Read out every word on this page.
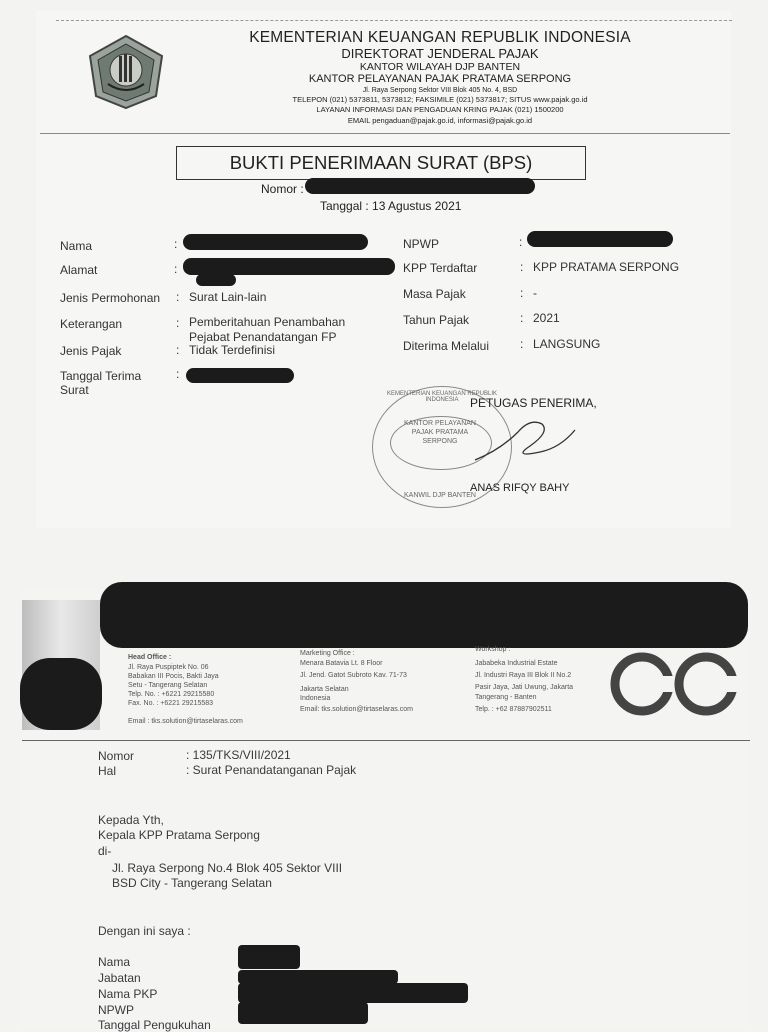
KEMENTERIAN KEUANGAN REPUBLIK INDONESIA
DIREKTORAT JENDERAL PAJAK
KANTOR WILAYAH DJP BANTEN
KANTOR PELAYANAN PAJAK PRATAMA SERPONG
Jl. Raya Serpong Sektor VIII Blok 405 No. 4, BSD
TELEPON (021) 5373811, 5373812; FAKSIMILE (021) 5373817; SITUS www.pajak.go.id
LAYANAN INFORMASI DAN PENGADUAN KRING PAJAK (021) 1500200
EMAIL pengaduan@pajak.go.id, informasi@pajak.go.id
BUKTI PENERIMAAN SURAT (BPS)
Nomor :
Tanggal : 13 Agustus 2021
Nama	:
Alamat	:
Jenis Permohonan : Surat Lain-lain
Keterangan	: Pemberitahuan Penambahan
Pejabat Penandatangan FP
Jenis Pajak	: Tidak Terdefinisi
Tanggal Terima
Surat
:
NPWP	:
KPP Terdaftar	: KPP PRATAMA SERPONG
Masa Pajak	: -
Tahun Pajak	: 2021
Diterima Melalui	: LANGSUNG
KEMENTERIAN KEUANGAN REPUBLIK INDONESIA
KANTOR PELAYANAN
PAJAK PRATAMA
SERPONG
KANWIL DJP BANTEN
PETUGAS PENERIMA,
ANAS RIFQY BAHY
Head Office :
Jl. Raya Puspiptek No. 06
Babakan III Pocis, Bakti Jaya
Setu - Tangerang Selatan
Telp. No. : +6221 29215580
Fax. No. : +6221 29215583
Email : tks.solution@tirtaselaras.com
Marketing Office :
Menara Batavia Lt. 8 Floor
Jl. Jend. Gatot Subroto Kav. 71-73
Jakarta Selatan
Indonesia
Email: tks.solution@tirtaselaras.com
Workshop :
Jababeka Industrial Estate
Jl. Industri Raya III Blok II No.2
Pasir Jaya, Jati Uwung, Jakarta
Tangerang - Banten
Telp. : +62 87887902511
Nomor	: 135/TKS/VIII/2021
Hal	: Surat Penandatanganan Pajak
Kepada Yth,
Kepala KPP Pratama Serpong
di-
Jl. Raya Serpong No.4 Blok 405 Sektor VIII
BSD City - Tangerang Selatan
Dengan ini saya :
Nama
Jabatan
Nama PKP
NPWP
Tanggal Pengukuhan
